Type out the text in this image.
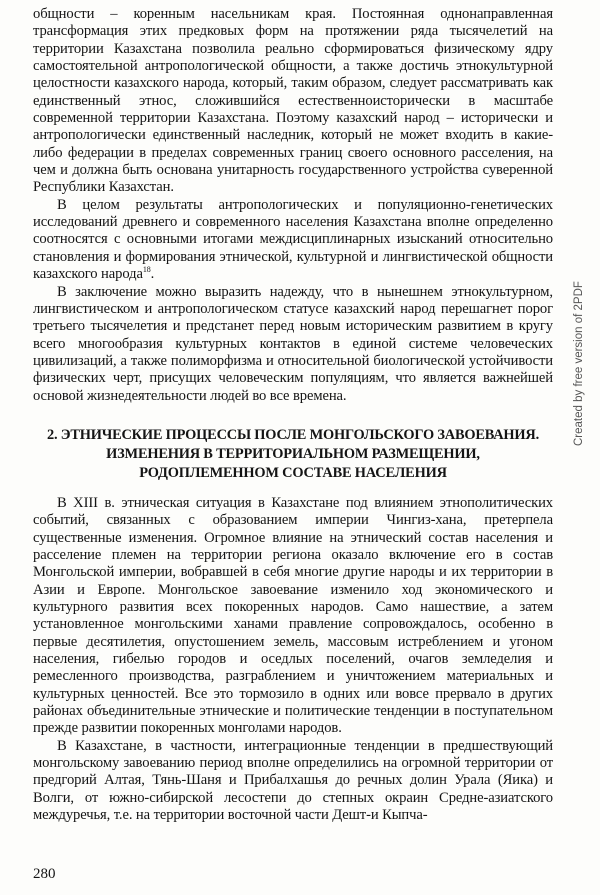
общности – коренным насельникам края. Постоянная однонаправленная трансформация этих предковых форм на протяжении ряда тысячелетий на территории Казахстана позволила реально сформироваться физическому ядру самостоятельной антропологической общности, а также достичь этнокультурной целостности казахского народа, который, таким образом, следует рассматривать как единственный этнос, сложившийся естественноисторически в масштабе современной территории Казахстана. Поэтому казахский народ – исторически и антропологически единственный наследник, который не может входить в какие-либо федерации в пределах современных границ своего основного расселения, на чем и должна быть основана унитарность государственного устройства суверенной Республики Казахстан.

В целом результаты антропологических и популяционно-генетических исследований древнего и современного населения Казахстана вполне определенно соотносятся с основными итогами междисциплинарных изысканий относительно становления и формирования этнической, культурной и лингвистической общности казахского народа$^{18}$.

В заключение можно выразить надежду, что в нынешнем этнокультурном, лингвистическом и антропологическом статусе казахский народ перешагнет порог третьего тысячелетия и предстанет перед новым историческим развитием в кругу всего многообразия культурных контактов в единой системе человеческих цивилизаций, а также полиморфизма и относительной биологической устойчивости физических черт, присущих человеческим популяциям, что является важнейшей основой жизнедеятельности людей во все времена.

2. ЭТНИЧЕСКИЕ ПРОЦЕССЫ ПОСЛЕ МОНГОЛЬСКОГО ЗАВОЕВАНИЯ.
ИЗМЕНЕНИЯ В ТЕРРИТОРИАЛЬНОМ РАЗМЕЩЕНИИ,
РОДОПЛЕМЕННОМ СОСТАВЕ НАСЕЛЕНИЯ

В XIII в. этническая ситуация в Казахстане под влиянием этнополитических событий, связанных с образованием империи Чингиз-хана, претерпела существенные изменения. Огромное влияние на этнический состав населения и расселение племен на территории региона оказало включение его в состав Монгольской империи, вобравшей в себя многие другие народы и их территории в Азии и Европе. Монгольское завоевание изменило ход экономического и культурного развития всех покоренных народов. Само нашествие, а затем установленное монгольскими ханами правление сопровождалось, особенно в первые десятилетия, опустошением земель, массовым истреблением и угоном населения, гибелью городов и оседлых поселений, очагов земледелия и ремесленного производства, разграблением и уничтожением материальных и культурных ценностей. Все это тормозило в одних или вовсе прервало в других районах объединительные этнические и политические тенденции в поступательном прежде развитии покоренных монголами народов.

В Казахстане, в частности, интеграционные тенденции в предшествующий монгольскому завоеванию период вполне определились на огромной территории от предгорий Алтая, Тянь-Шаня и Прибалхашья до речных долин Урала (Яика) и Волги, от южно-сибирской лесостепи до степных окраин Средне-азиатского междуречья, т.е. на территории восточной части Дешт-и Кыпча-

280
Created by free version of 2PDF
